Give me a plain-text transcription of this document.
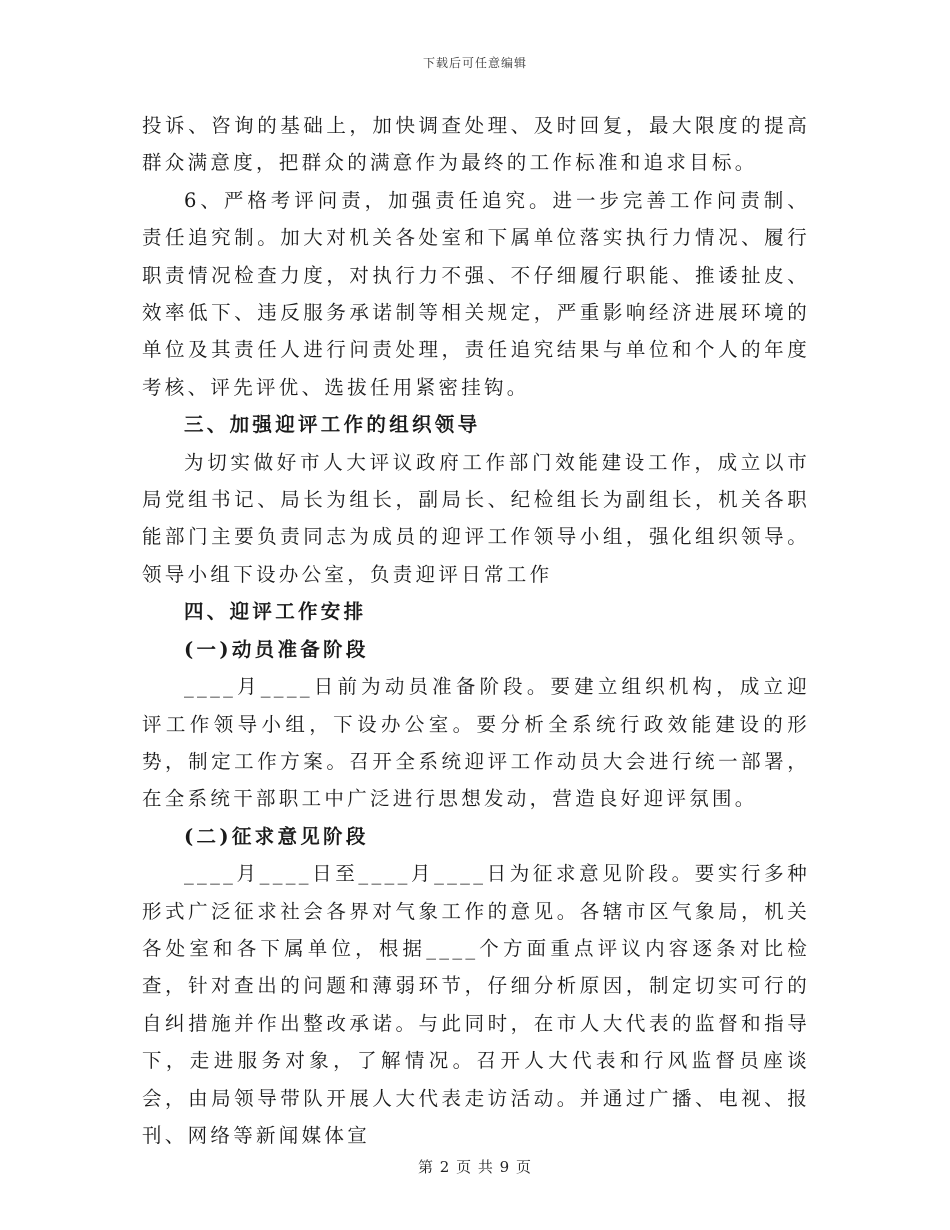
下载后可任意编辑

投诉、咨询的基础上，加快调查处理、及时回复，最大限度的提高群众满意度，把群众的满意作为最终的工作标准和追求目标。

6、严格考评问责，加强责任追究。进一步完善工作问责制、责任追究制。加大对机关各处室和下属单位落实执行力情况、履行职责情况检查力度，对执行力不强、不仔细履行职能、推诿扯皮、效率低下、违反服务承诺制等相关规定，严重影响经济进展环境的单位及其责任人进行问责处理，责任追究结果与单位和个人的年度考核、评先评优、选拔任用紧密挂钩。

三、加强迎评工作的组织领导

为切实做好市人大评议政府工作部门效能建设工作，成立以市局党组书记、局长为组长，副局长、纪检组长为副组长，机关各职能部门主要负责同志为成员的迎评工作领导小组，强化组织领导。领导小组下设办公室，负责迎评日常工作

四、迎评工作安排

(一)动员准备阶段

____月____日前为动员准备阶段。要建立组织机构，成立迎评工作领导小组，下设办公室。要分析全系统行政效能建设的形势，制定工作方案。召开全系统迎评工作动员大会进行统一部署，在全系统干部职工中广泛进行思想发动，营造良好迎评氛围。

(二)征求意见阶段

____月____日至____月____日为征求意见阶段。要实行多种形式广泛征求社会各界对气象工作的意见。各辖市区气象局，机关各处室和各下属单位，根据____个方面重点评议内容逐条对比检查，针对查出的问题和薄弱环节，仔细分析原因，制定切实可行的自纠措施并作出整改承诺。与此同时，在市人大代表的监督和指导下，走进服务对象，了解情况。召开人大代表和行风监督员座谈会，由局领导带队开展人大代表走访活动。并通过广播、电视、报刊、网络等新闻媒体宣

第 2 页 共 9 页
